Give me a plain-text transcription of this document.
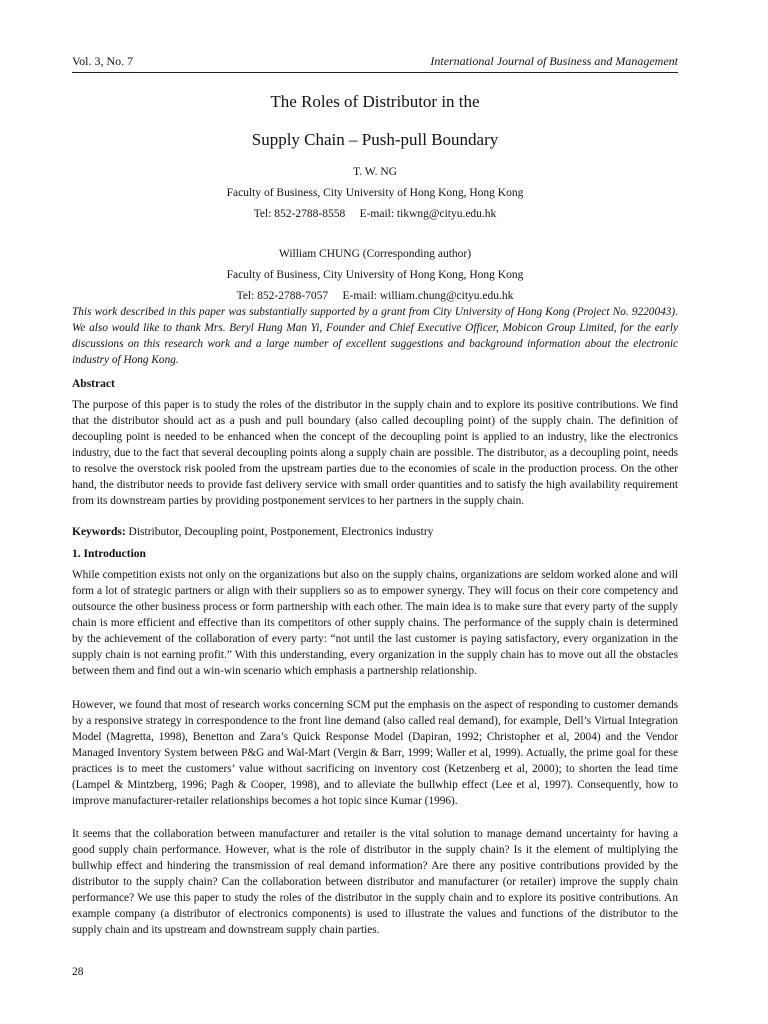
Vol. 3, No. 7	International Journal of Business and Management
The Roles of Distributor in the
Supply Chain – Push-pull Boundary
T. W. NG
Faculty of Business, City University of Hong Kong, Hong Kong
Tel: 852-2788-8558     E-mail: tikwng@cityu.edu.hk
William CHUNG (Corresponding author)
Faculty of Business, City University of Hong Kong, Hong Kong
Tel: 852-2788-7057     E-mail: william.chung@cityu.edu.hk
This work described in this paper was substantially supported by a grant from City University of Hong Kong (Project No. 9220043). We also would like to thank Mrs. Beryl Hung Man Yi, Founder and Chief Executive Officer, Mobicon Group Limited, for the early discussions on this research work and a large number of excellent suggestions and background information about the electronic industry of Hong Kong.
Abstract
The purpose of this paper is to study the roles of the distributor in the supply chain and to explore its positive contributions. We find that the distributor should act as a push and pull boundary (also called decoupling point) of the supply chain. The definition of decoupling point is needed to be enhanced when the concept of the decoupling point is applied to an industry, like the electronics industry, due to the fact that several decoupling points along a supply chain are possible. The distributor, as a decoupling point, needs to resolve the overstock risk pooled from the upstream parties due to the economies of scale in the production process. On the other hand, the distributor needs to provide fast delivery service with small order quantities and to satisfy the high availability requirement from its downstream parties by providing postponement services to her partners in the supply chain.
Keywords: Distributor, Decoupling point, Postponement, Electronics industry
1. Introduction
While competition exists not only on the organizations but also on the supply chains, organizations are seldom worked alone and will form a lot of strategic partners or align with their suppliers so as to empower synergy. They will focus on their core competency and outsource the other business process or form partnership with each other. The main idea is to make sure that every party of the supply chain is more efficient and effective than its competitors of other supply chains. The performance of the supply chain is determined by the achievement of the collaboration of every party: “not until the last customer is paying satisfactory, every organization in the supply chain is not earning profit.” With this understanding, every organization in the supply chain has to move out all the obstacles between them and find out a win-win scenario which emphasis a partnership relationship.
However, we found that most of research works concerning SCM put the emphasis on the aspect of responding to customer demands by a responsive strategy in correspondence to the front line demand (also called real demand), for example, Dell’s Virtual Integration Model (Magretta, 1998), Benetton and Zara’s Quick Response Model (Dapiran, 1992; Christopher et al, 2004) and the Vendor Managed Inventory System between P&G and Wal-Mart (Vergin & Barr, 1999; Waller et al, 1999). Actually, the prime goal for these practices is to meet the customers’ value without sacrificing on inventory cost (Ketzenberg et al, 2000); to shorten the lead time (Lampel & Mintzberg, 1996; Pagh & Cooper, 1998), and to alleviate the bullwhip effect (Lee et al, 1997). Consequently, how to improve manufacturer-retailer relationships becomes a hot topic since Kumar (1996).
It seems that the collaboration between manufacturer and retailer is the vital solution to manage demand uncertainty for having a good supply chain performance. However, what is the role of distributor in the supply chain? Is it the element of multiplying the bullwhip effect and hindering the transmission of real demand information? Are there any positive contributions provided by the distributor to the supply chain? Can the collaboration between distributor and manufacturer (or retailer) improve the supply chain performance? We use this paper to study the roles of the distributor in the supply chain and to explore its positive contributions. An example company (a distributor of electronics components) is used to illustrate the values and functions of the distributor to the supply chain and its upstream and downstream supply chain parties.
28
